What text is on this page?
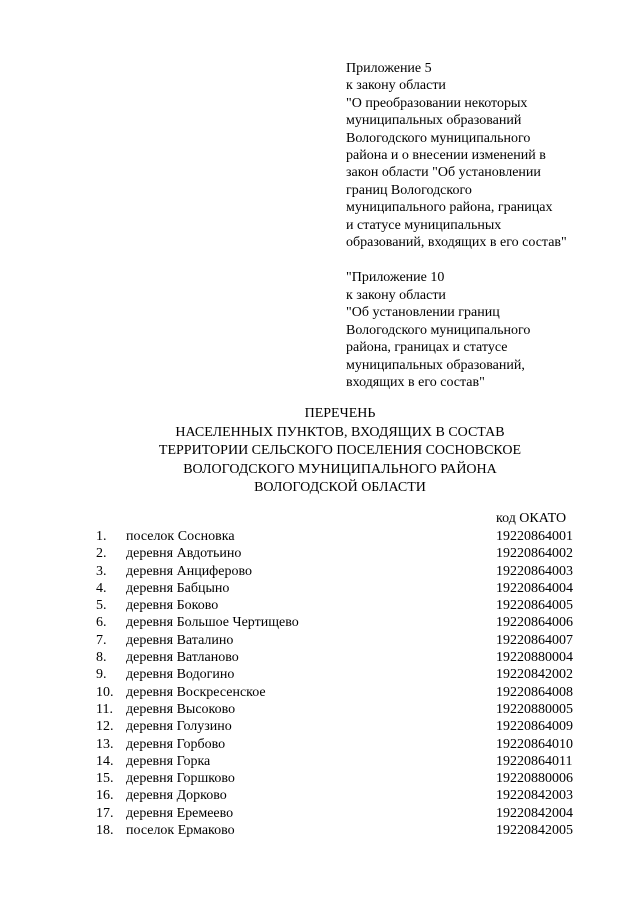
Приложение 5

к закону области

"О преобразовании некоторых

муниципальных образований

Вологодского муниципального

района и о внесении изменений в

закон области "Об установлении

границ Вологодского

муниципального района, границах

и статусе муниципальных

образований, входящих в его состав"

"Приложение 10

к закону области

"Об установлении границ

Вологодского муниципального

района, границах и статусе

муниципальных образований,

входящих в его состав"

ПЕРЕЧЕНЬ
НАСЕЛЕННЫХ ПУНКТОВ, ВХОДЯЩИХ В СОСТАВ
ТЕРРИТОРИИ СЕЛЬСКОГО ПОСЕЛЕНИЯ СОСНОВСКОЕ
ВОЛОГОДСКОГО МУНИЦИПАЛЬНОГО РАЙОНА
ВОЛОГОДСКОЙ ОБЛАСТИ
код ОКАТО
1. поселок Сосновка	19220864001
2. деревня Авдотьино	19220864002
3. деревня Анциферово	19220864003
4. деревня Бабцыно	19220864004
5. деревня Боково	19220864005
6. деревня Большое Чертищево	19220864006
7. деревня Ваталино	19220864007
8. деревня Ватланово	19220880004
9. деревня Водогино	19220842002
10. деревня Воскресенское	19220864008
11. деревня Высоково	19220880005
12. деревня Голузино	19220864009
13. деревня Горбово	19220864010
14. деревня Горка	19220864011
15. деревня Горшково	19220880006
16. деревня Дорково	19220842003
17. деревня Еремеево	19220842004
18. поселок Ермаково	19220842005
